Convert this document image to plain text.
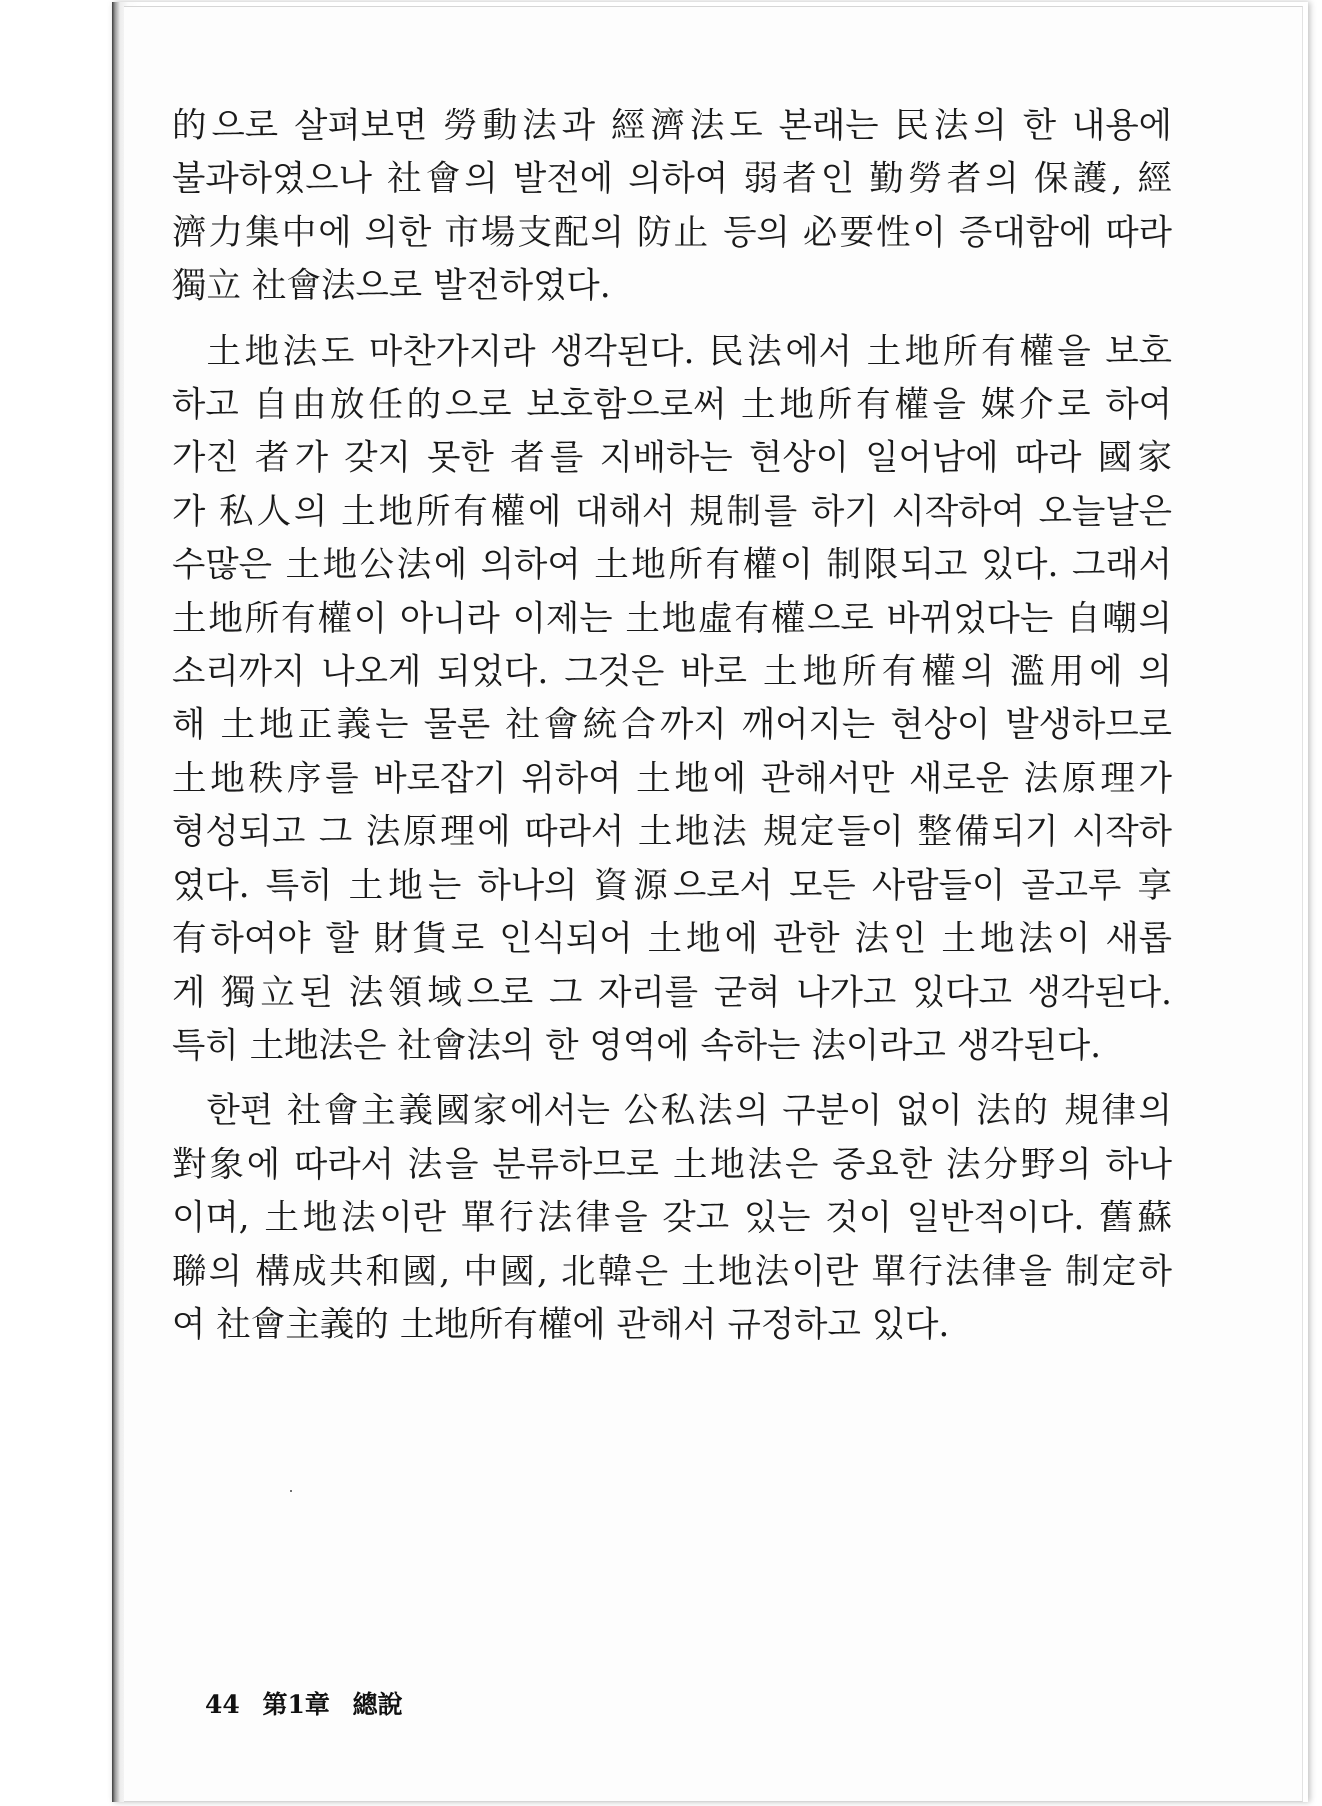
的으로 살펴보면 勞動法과 經濟法도 본래는 民法의 한 내용에
불과하였으나 社會의 발전에 의하여 弱者인 勤勞者의 保護, 經
濟力集中에 의한 市場支配의 防止 등의 必要性이 증대함에 따라
獨立 社會法으로 발전하였다.
土地法도 마찬가지라 생각된다. 民法에서 土地所有權을 보호
하고 自由放任的으로 보호함으로써 土地所有權을 媒介로 하여
가진 者가 갖지 못한 者를 지배하는 현상이 일어남에 따라 國家
가 私人의 土地所有權에 대해서 規制를 하기 시작하여 오늘날은
수많은 土地公法에 의하여 土地所有權이 制限되고 있다. 그래서
土地所有權이 아니라 이제는 土地虛有權으로 바뀌었다는 自嘲의
소리까지 나오게 되었다. 그것은 바로 土地所有權의 濫用에 의
해 土地正義는 물론 社會統合까지 깨어지는 현상이 발생하므로
土地秩序를 바로잡기 위하여 土地에 관해서만 새로운 法原理가
형성되고 그 法原理에 따라서 土地法 規定들이 整備되기 시작하
였다. 특히 土地는 하나의 資源으로서 모든 사람들이 골고루 享
有하여야 할 財貨로 인식되어 土地에 관한 法인 土地法이 새롭
게 獨立된 法領域으로 그 자리를 굳혀 나가고 있다고 생각된다.
특히 土地法은 社會法의 한 영역에 속하는 法이라고 생각된다.
한편 社會主義國家에서는 公私法의 구분이 없이 法的 規律의
對象에 따라서 法을 분류하므로 土地法은 중요한 法分野의 하나
이며, 土地法이란 單行法律을 갖고 있는 것이 일반적이다. 舊蘇
聯의 構成共和國, 中國, 北韓은 土地法이란 單行法律을 制定하
여 社會主義的 土地所有權에 관해서 규정하고 있다.
44 第1章 總說
